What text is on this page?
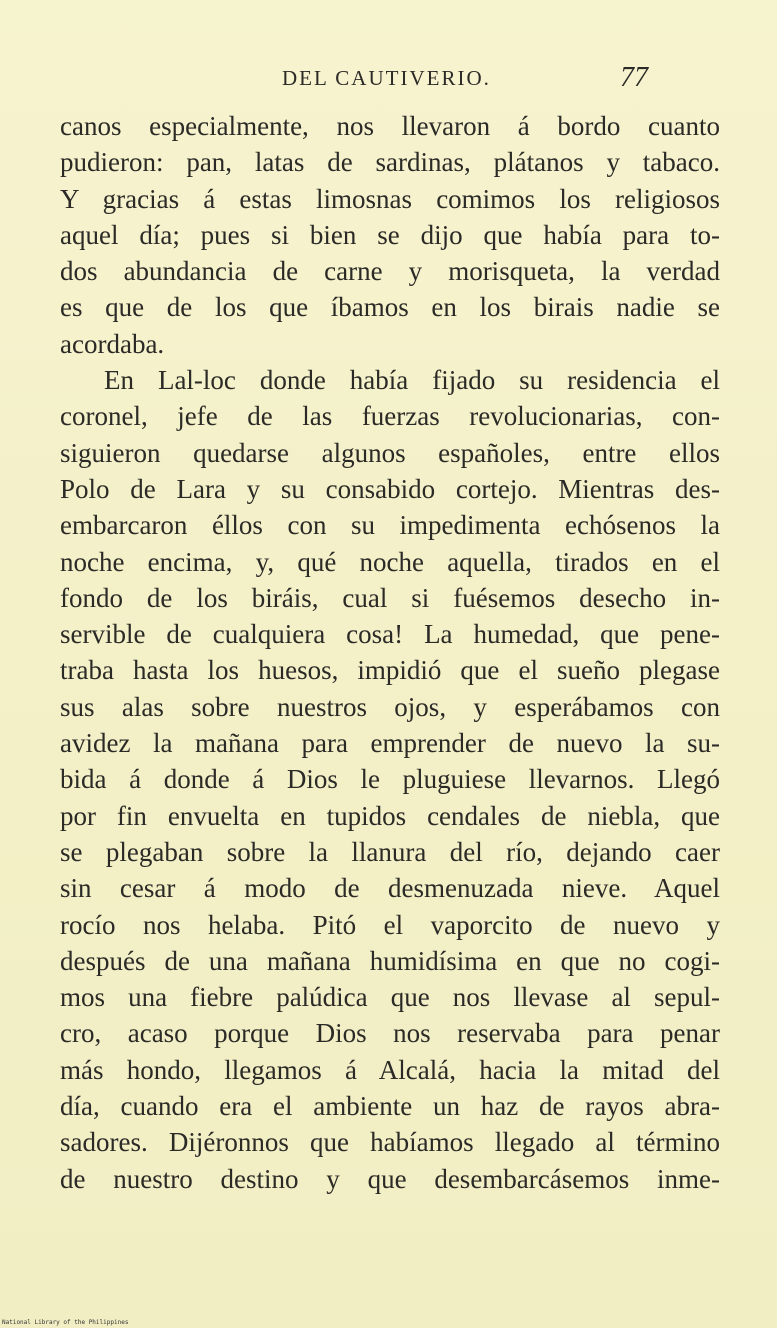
DEL CAUTIVERIO.	77
canos especialmente, nos llevaron á bordo cuanto
pudieron: pan, latas de sardinas, plátanos y tabaco.
Y gracias á estas limosnas comimos los religiosos
aquel día; pues si bien se dijo que había para to-
dos abundancia de carne y morisqueta, la verdad
es que de los que íbamos en los birais nadie se
acordaba.
En Lal-loc donde había fijado su residencia el
coronel, jefe de las fuerzas revolucionarias, con-
siguieron quedarse algunos españoles, entre ellos
Polo de Lara y su consabido cortejo. Mientras des-
embarcaron éllos con su impedimenta echósenos la
noche encima, y, qué noche aquella, tirados en el
fondo de los biráis, cual si fuésemos desecho in-
servible de cualquiera cosa! La humedad, que pene-
traba hasta los huesos, impidió que el sueño plegase
sus alas sobre nuestros ojos, y esperábamos con
avidez la mañana para emprender de nuevo la su-
bida á donde á Dios le pluguiese llevarnos. Llegó
por fin envuelta en tupidos cendales de niebla, que
se plegaban sobre la llanura del río, dejando caer
sin cesar á modo de desmenuzada nieve. Aquel
rocío nos helaba. Pitó el vaporcito de nuevo y
después de una mañana humidísima en que no cogi-
mos una fiebre palúdica que nos llevase al sepul-
cro, acaso porque Dios nos reservaba para penar
más hondo, llegamos á Alcalá, hacia la mitad del
día, cuando era el ambiente un haz de rayos abra-
sadores. Dijéronnos que habíamos llegado al término
de nuestro destino y que desembarcásemos inme-
National Library of the Philippines
